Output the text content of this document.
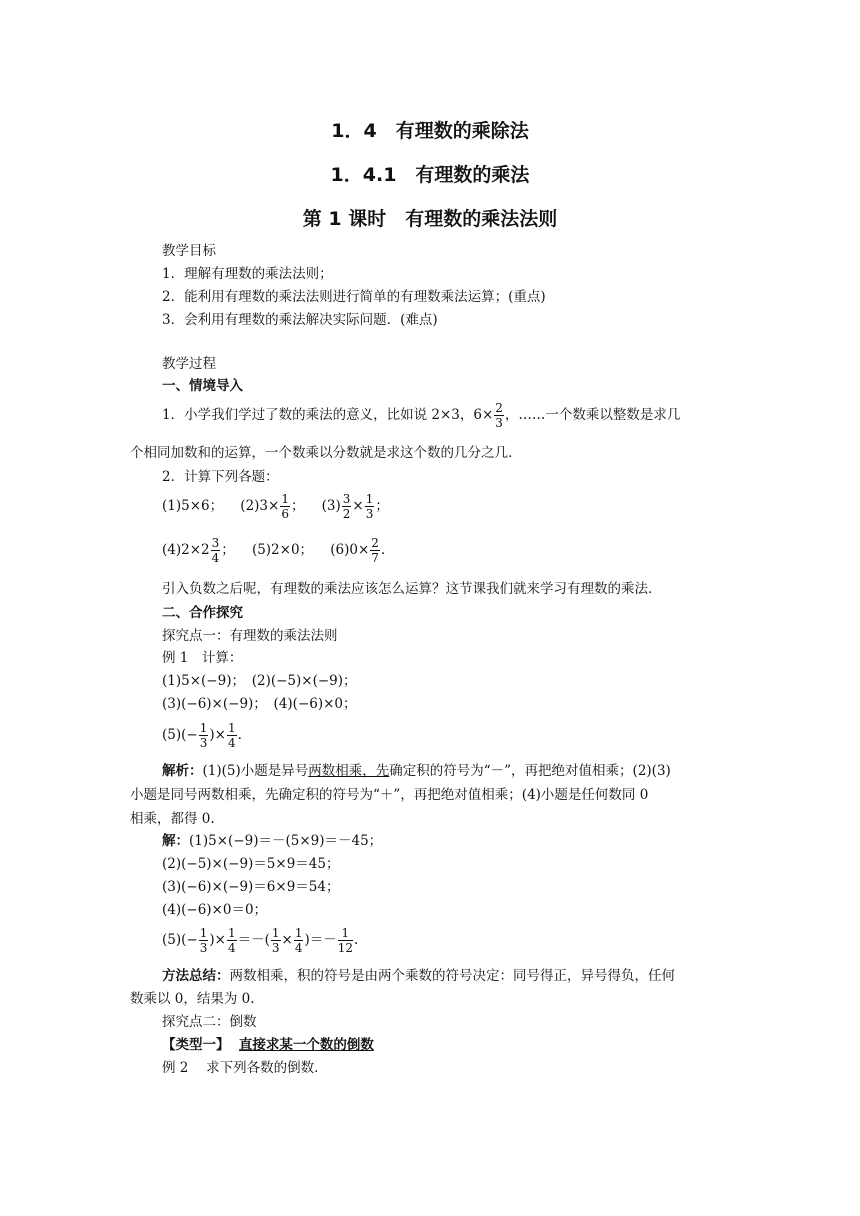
1．4　有理数的乘除法
1．4.1　有理数的乘法
第 1 课时　有理数的乘法法则
教学目标
1．理解有理数的乘法法则；
2．能利用有理数的乘法法则进行简单的有理数乘法运算；(重点)
3．会利用有理数的乘法解决实际问题．(难点)
教学过程
一、情境导入
1．小学我们学过了数的乘法的意义，比如说 2×3，$6\times \frac{2}{3}$ ，……一个数乘以整数是求几
个相同加数和的运算，一个数乘以分数就是求这个数的几分之几．
2．计算下列各题：
(1)5×6； $(2)3\times \frac{1}{6}$ ； $(3) \frac{3}{2} \times \frac{1}{3}$ ；
$(4)2\times 2 \frac{3}{4}$ ； (5)2×0； $(6)0\times \frac{2}{7}$ .
引入负数之后呢，有理数的乘法应该怎么运算？这节课我们就来学习有理数的乘法．
二、合作探究
探究点一：有理数的乘法法则
例 1　计算：
(1)5×(−9)；　(2)(−5)×(−9)；
(3)(−6)×(−9)；　(4)(−6)×0；
$(5)(- \frac{1}{3}$ )× $\frac{1}{4}$ .
解析：(1)(5)小题是异号两数相乘，先确定积的符号为“－”，再把绝对值相乘；(2)(3)
小题是同号两数相乘，先确定积的符号为“＋”，再把绝对值相乘；(4)小题是任何数同 0
相乘，都得 0.
解：(1)5×(−9)＝－(5×9)＝－45；
(2)(−5)×(−9)＝5×9＝45；
(3)(−6)×(−9)＝6×9＝54；
(4)(−6)×0＝0；
$(5)(- \frac{1}{3}$ )× $\frac{1}{4}$ ＝－( $\frac{1}{3} \times \frac{1}{4}$ )＝－ $\frac{1}{12}$ .
方法总结：两数相乘，积的符号是由两个乘数的符号决定：同号得正，异号得负，任何
数乘以 0，结果为 0.
探究点二：倒数
【类型一】 直接求某一个数的倒数
例 2　 求下列各数的倒数．
